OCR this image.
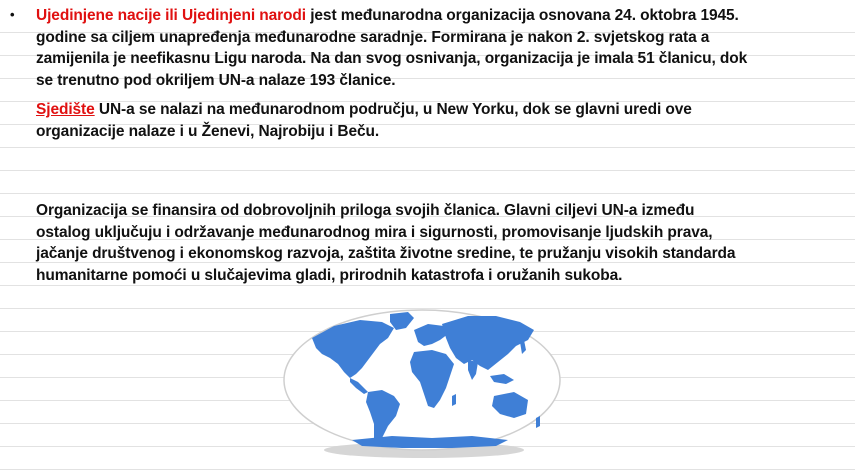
• Ujedinjene nacije ili Ujedinjeni narodi jest međunarodna organizacija osnovana 24. oktobra 1945. godine sa ciljem unapređenja međunarodne saradnje. Formirana je nakon 2. svjetskog rata a zamijenila je neefikasnu Ligu naroda. Na dan svog osnivanja, organizacija je imala 51 članicu, dok se trenutno pod okriljem UN-a nalaze 193 članice.
Sjedište UN-a se nalazi na međunarodnom području, u New Yorku, dok se glavni uredi ove organizacije nalaze i u Ženevi, Najrobiju i Beču.
Organizacija se finansira od dobrovoljnih priloga svojih članica. Glavni ciljevi UN-a između ostalog uključuju i održavanje međunarodnog mira i sigurnosti, promovisanje ljudskih prava, jačanje društvenog i ekonomskog razvoja, zaštita životne sredine, te pružanju visokih standarda humanitarne pomoći u slučajevima gladi, prirodnih katastrofa i oružanih sukoba.
